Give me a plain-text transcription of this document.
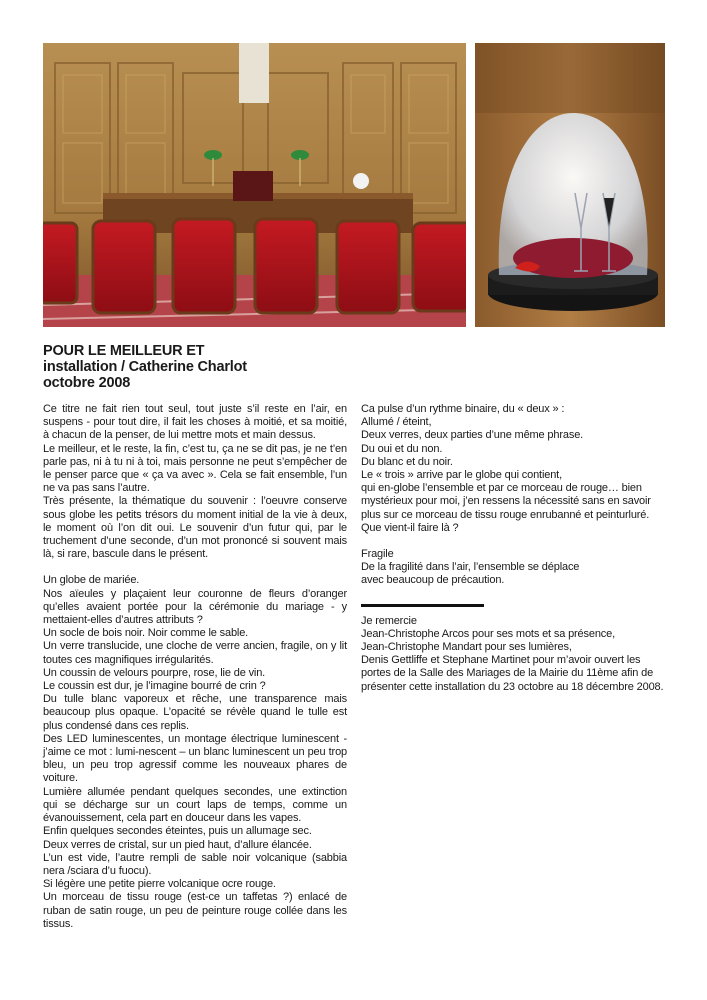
POUR LE MEILLEUR ET
installation / Catherine Charlot
octobre 2008

Ce titre ne fait rien tout seul, tout juste s’il reste en l’air, en suspens - pour tout dire, il fait les choses à moitié, et sa moitié, à chacun de la penser, de lui mettre mots et main dessus.

Le meilleur, et le reste, la fin, c’est tu, ça ne se dit pas, je ne t’en parle pas, ni à tu ni à toi, mais personne ne peut s’empêcher de le penser parce que « ça va avec ». Cela se fait ensemble, l’un ne va pas sans l’autre.

Très présente, la thématique du souvenir : l’oeuvre conserve sous globe les petits trésors du moment initial de la vie à deux, le moment où l’on dit oui. Le souvenir d’un futur qui, par le truchement d’une seconde, d’un mot prononcé si souvent mais là, si rare, bascule dans le présent.

Un globe de mariée.

Nos aïeules y plaçaient leur couronne de fleurs d’oranger qu’elles avaient portée pour la cérémonie du mariage - y mettaient-elles d’autres attributs ?

Un socle de bois noir. Noir comme le sable.

Un verre translucide, une cloche de verre ancien, fragile, on y lit toutes ces magnifiques irrégularités.

Un coussin de velours pourpre, rose, lie de vin.

Le coussin est dur, je l’imagine bourré de crin ?

Du tulle blanc vaporeux et rêche, une transparence mais beaucoup plus opaque. L’opacité se révèle quand le tulle est plus condensé dans ces replis.

Des LED luminescentes, un montage électrique luminescent - j’aime ce mot : lumi-nescent – un blanc luminescent un peu trop bleu, un peu trop agressif comme les nouveaux phares de voiture.

Lumière allumée pendant quelques secondes, une extinction qui se décharge sur un court laps de temps, comme un évanouissement, cela part en douceur dans les vapes.

Enfin quelques secondes éteintes, puis un allumage sec.

Deux verres de cristal, sur un pied haut, d’allure élancée.

L’un est vide, l’autre rempli de sable noir volcanique (sabbia nera /sciara d’u fuocu).

Si légère une petite pierre volcanique ocre rouge.

Un morceau de tissu rouge (est-ce un taffetas ?) enlacé de ruban de satin rouge, un peu de peinture rouge collée dans les tissus.

Ca pulse d’un rythme binaire, du « deux » :

Allumé / éteint,

Deux verres, deux parties d’une même phrase.

Du oui et du non.

Du blanc et du noir.

Le « trois » arrive par le globe qui contient,

qui en-globe l’ensemble et par ce morceau de rouge… bien mystérieux pour moi, j’en ressens la nécessité sans en savoir plus sur ce morceau de tissu rouge enrubanné et peinturluré.

Que vient-il faire là ?

Fragile

De la fragilité dans l’air, l’ensemble se déplace

avec beaucoup de précaution.

Je remercie

Jean-Christophe Arcos pour ses mots et sa présence,

Jean-Christophe Mandart pour ses lumières,

Denis Gettliffe et Stephane Martinet pour m’avoir ouvert les portes de la Salle des Mariages de la Mairie du 11ème afin de présenter cette installation du 23 octobre au 18 décembre 2008.
